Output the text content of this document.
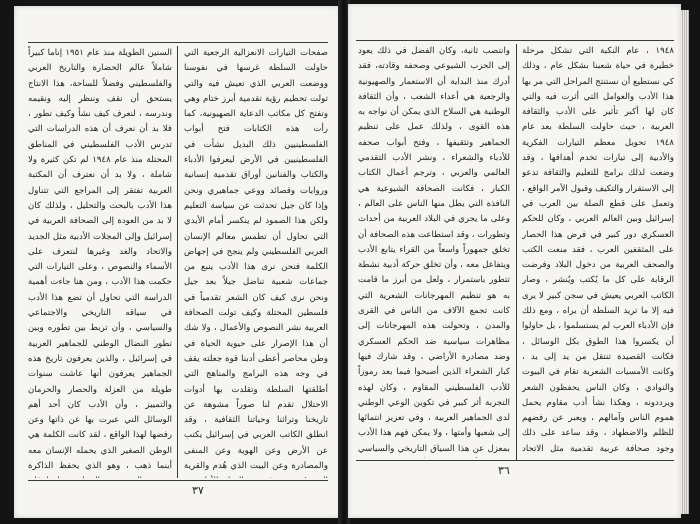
صفحات التيارات الانعزالية الرجعية التي حاولت السلطة غرسها في نفوسنا ووضعت العربي الذي تعيش فيه والتي تولت تحطيم رؤية تقدمية أبرز ختام وهي وتفتح كل مكاتب الدعاية الصهيونية، كما رأت هذه الكتابات فتح أبواب الفلسطينيين ذلك البديل نشأت في الفلسطينيين في الأرض ليعرفوا الأدباء والكتاب والفنانين أوراق تقدمية إنسانية وروايات وقصائد ووعي جماهيري ونحن وإذا كان جيل تحدثت عن سياسة التعليم ولكن هذا الصمود لم ينكسر أمام الأيدي التي تحاول أن تطمس معالم الإنسان العربي الفلسطيني ولم ينجح في إجهاض الكلمة فنحن نرى هذا الأدب ينبع من جماعات شعبية تناضل جيلاً بعد جيل ونحن نرى كيف كان الشعر تقدمياً في فلسطين المحتلة وكيف تولت الصحافة العربية نشر النصوص والأعمال ، ولا شك أن هذا الإصرار على حيوية الحياة في وطن محاصر أعطى أدبنا قوة جعلته يقف في وجه هذه البرامج والمناهج التي أطلقتها السلطة وتقلدت بها أدوات الاحتلال تقدم لنا صوراً مشوهة عن تاريخنا وتراثنا وحياتنا الثقافية ، وقد انطلق الكاتب العربي في إسرائيل يكتب عن الأرض وعن الهوية وعن المنفى والمصادرة وعن البيت الذي هُدم والقرية
السنين الطويلة منذ عام ١٩٥١ إناما كبيراً شاملاً عالم الحضارة والتاريخ العربي والفلسطيني وفضلاً للساحة، هذا الانتاج يستحق أن نقف وننظر إليه ونقيمه وندرسه ، لنعرف كيف نشأ وكيف تطور ، فلا بد أن نعرف أن هذه الدراسات التي تدرس الأدب الفلسطيني في المناطق المحتلة منذ عام ١٩٤٨ لم تكن كثيرة ولا شاملة ، ولا بد أن نعترف أن المكتبة العربية تفتقر إلى المراجع التي تتناول هذا الأدب بالبحث والتحليل ، ولذلك كان لا بد من العودة إلى الصحافة العربية في إسرائيل وإلى المجلات الأدبية مثل الجديد والاتحاد والغد وغيرها لنتعرف على الأسماء والنصوص ، وعلى التيارات التي حكمت هذا الأدب ، ومن هنا جاءت أهمية الدراسة التي تحاول أن تضع هذا الأدب في سياقه التاريخي والاجتماعي والسياسي ، وأن تربط بين تطوره وبين تطور النضال الوطني للجماهير العربية في إسرائيل ، والذين يعرفون تاريخ هذه الجماهير يعرفون أنها عاشت سنوات طويلة من العزلة والحصار والحرمان والتمييز ، وأن الأدب كان أحد أهم الوسائل التي عبرت بها عن ذاتها وعن رفضها لهذا الواقع ، لقد كانت الكلمة هي الوطن الصغير الذي يحمله الإنسان معه أينما ذهب ، وهو الذي يحفظ الذاكرة
٣٧
١٩٤٨ ، عام النكبة التي تشكل مرحلة خطيرة في حياة شعبنا بشكل عام ، وذلك كي نستطيع أن نستنتج المراحل التي مر بها هذا الأدب والعوامل التي أثرت فيه والتي كان لها أكبر تأثير على الأدب والثقافة العربية ، حيث حاولت السلطة بعد عام ١٩٤٨ تحويل معظم التيارات الفكرية والأدبية إلى تيارات تخدم أهدافها ، وقد وضعت لذلك برامج للتعليم والثقافة تدعو إلى الاستقرار والتكيف وقبول الأمر الواقع ، وتعمل على قطع الصلة بين العرب في إسرائيل وبين العالم العربي ، وكان للحكم العسكري دور كبير في فرض هذا الحصار على المثقفين العرب ، فقد منعت الكتب والصحف العربية من دخول البلاد وفرضت الرقابة على كل ما يُكتب ويُنشر ، وصار الكاتب العربي يعيش في سجن كبير لا يرى فيه إلا ما تريد السلطة أن يراه ، ومع ذلك فإن الأدباء العرب لم يستسلموا ، بل حاولوا أن يكسروا هذا الطوق بكل الوسائل ، فكانت القصيدة تنتقل من يد إلى يد ، وكانت الأمسيات الشعرية تقام في البيوت والنوادي ، وكان الناس يحفظون الشعر ويرددونه ، وهكذا نشأ أدب مقاوم يحمل هموم الناس وآمالهم ، ويعبر عن رفضهم للظلم والاضطهاد ، وقد ساعد على ذلك وجود صحافة عربية تقدمية مثل الاتحاد
وانتصب ثانية، وكان الفضل في ذلك يعود إلى الحزب الشيوعي وصحفه وقادته، فقد أدرك منذ البداية أن الاستعمار والصهيونية والرجعية هي أعداء الشعب ، وأن الثقافة الوطنية هي السلاح الذي يمكن أن نواجه به هذه القوى ، ولذلك عمل على تنظيم الجماهير وتثقيفها ، وفتح أبواب صحفه للأدباء والشعراء ، ونشر الأدب التقدمي العالمي والعربي ، وترجم أعمال الكتاب الكبار ، فكانت الصحافة الشيوعية هي النافذة التي يطل منها الناس على العالم ، وعلى ما يجري في البلاد العربية من أحداث وتطورات ، وقد استطاعت هذه الصحافة أن تخلق جمهوراً واسعاً من القراء يتابع الأدب ويتفاعل معه ، وأن تخلق حركة أدبية نشطة تتطور باستمرار ، ولعل من أبرز ما قامت به هو تنظيم المهرجانات الشعرية التي كانت تجمع الآلاف من الناس في القرى والمدن ، وتحولت هذه المهرجانات إلى مظاهرات سياسية ضد الحكم العسكري وضد مصادرة الأراضي ، وقد شارك فيها كبار الشعراء الذين أصبحوا فيما بعد رموزاً للأدب الفلسطيني المقاوم ، وكان لهذه التجربة أثر كبير في تكوين الوعي الوطني لدى الجماهير العربية ، وفي تعزيز انتمائها إلى شعبها وأمتها ، ولا يمكن فهم هذا الأدب بمعزل عن هذا السياق التاريخي والسياسي
٣٦
